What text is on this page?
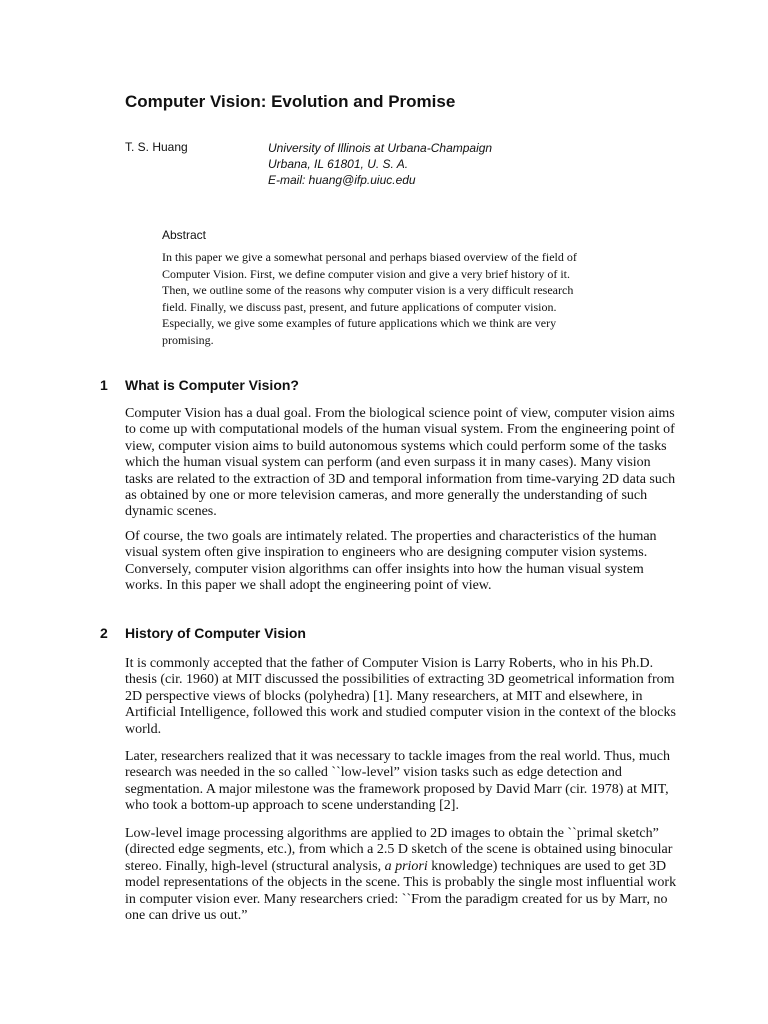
Computer Vision: Evolution and Promise
T. S. Huang	University of Illinois at Urbana-Champaign
Urbana, IL 61801, U. S. A.
E-mail: huang@ifp.uiuc.edu
Abstract
In this paper we give a somewhat personal and perhaps biased overview of the field of
Computer Vision. First, we define computer vision and give a very brief history of it.
Then, we outline some of the reasons why computer vision is a very difficult research
field. Finally, we discuss past, present, and future applications of computer vision.
Especially, we give some examples of future applications which we think are very
promising.
1 What is Computer Vision?
Computer Vision has a dual goal. From the biological science point of view, computer vision aims
to come up with computational models of the human visual system. From the engineering point of
view, computer vision aims to build autonomous systems which could perform some of the tasks
which the human visual system can perform (and even surpass it in many cases). Many vision
tasks are related to the extraction of 3D and temporal information from time-varying 2D data such
as obtained by one or more television cameras, and more generally the understanding of such
dynamic scenes.
Of course, the two goals are intimately related. The properties and characteristics of the human
visual system often give inspiration to engineers who are designing computer vision systems.
Conversely, computer vision algorithms can offer insights into how the human visual system
works. In this paper we shall adopt the engineering point of view.
2 History of Computer Vision
It is commonly accepted that the father of Computer Vision is Larry Roberts, who in his Ph.D.
thesis (cir. 1960) at MIT discussed the possibilities of extracting 3D geometrical information from
2D perspective views of blocks (polyhedra) [1]. Many researchers, at MIT and elsewhere, in
Artificial Intelligence, followed this work and studied computer vision in the context of the blocks
world.
Later, researchers realized that it was necessary to tackle images from the real world. Thus, much
research was needed in the so called ``low-level” vision tasks such as edge detection and
segmentation. A major milestone was the framework proposed by David Marr (cir. 1978) at MIT,
who took a bottom-up approach to scene understanding [2].
Low-level image processing algorithms are applied to 2D images to obtain the ``primal sketch”
(directed edge segments, etc.), from which a 2.5 D sketch of the scene is obtained using binocular
stereo. Finally, high-level (structural analysis, a priori knowledge) techniques are used to get 3D
model representations of the objects in the scene. This is probably the single most influential work
in computer vision ever. Many researchers cried: ``From the paradigm created for us by Marr, no
one can drive us out.”
